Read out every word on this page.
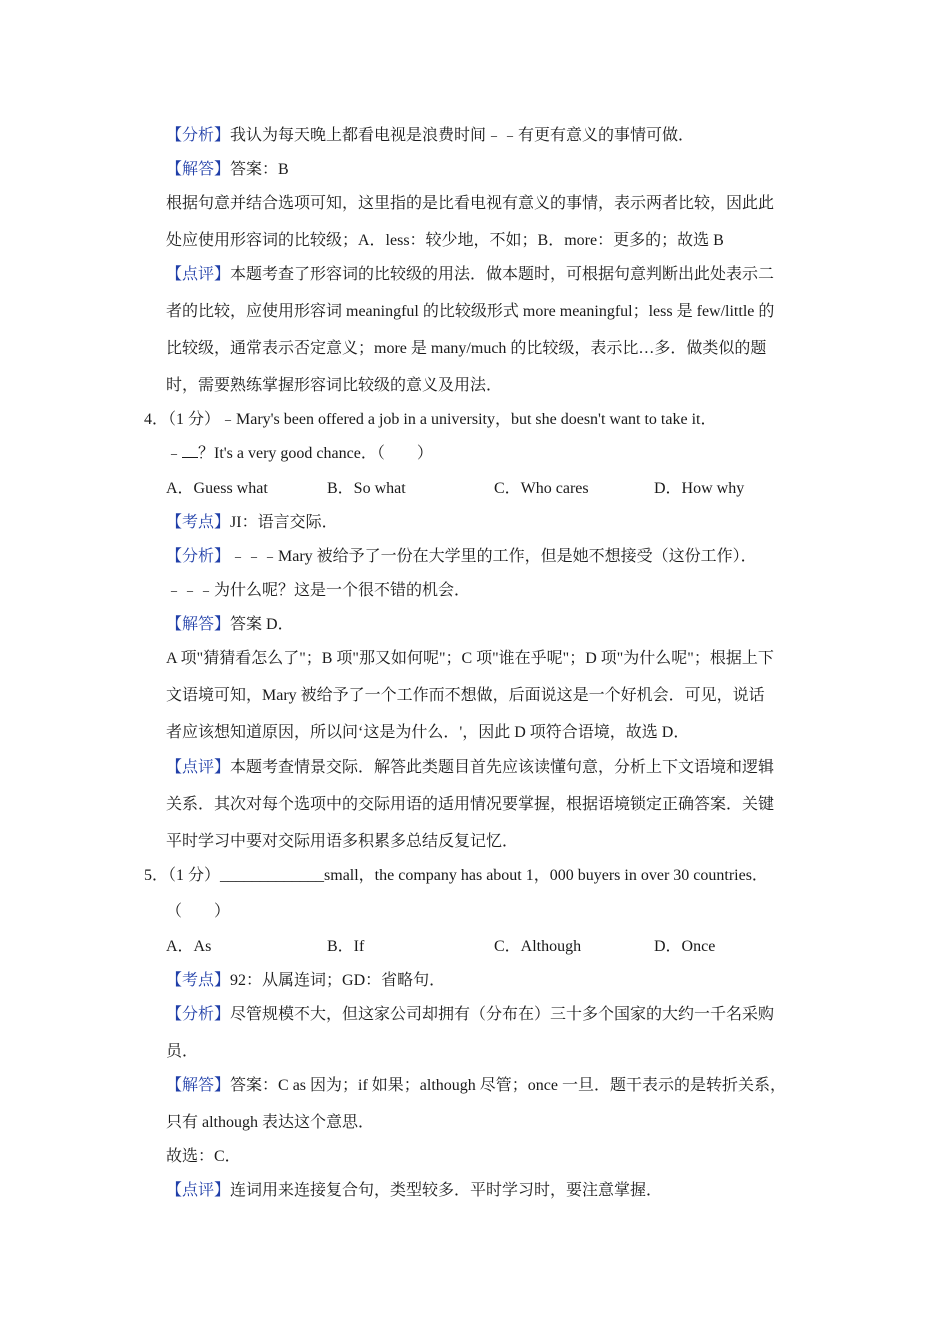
【分析】我认为每天晚上都看电视是浪费时间﹣﹣有更有意义的事情可做．
【解答】答案：B
根据句意并结合选项可知，这里指的是比看电视有意义的事情，表示两者比较，因此此
处应使用形容词的比较级；A．less：较少地，不如；B．more：更多的；故选 B
【点评】本题考查了形容词的比较级的用法．做本题时，可根据句意判断出此处表示二
者的比较，应使用形容词 meaningful 的比较级形式 more meaningful；less 是 few/little 的
比较级，通常表示否定意义；more 是 many/much 的比较级，表示比…多．做类似的题
时，需要熟练掌握形容词比较级的意义及用法．
4．（1 分）﹣Mary's been offered a job in a university，but she doesn't want to take it．
﹣ ？It's a very good chance．（　　）
A．Guess what	B．So what	C．Who cares	D．How why
【考点】JI：语言交际．
【分析】﹣﹣﹣Mary 被给予了一份在大学里的工作，但是她不想接受（这份工作）．
﹣﹣﹣为什么呢？这是一个很不错的机会．
【解答】答案 D．
A 项"猜猜看怎么了"；B 项"那又如何呢"；C 项"谁在乎呢"；D 项"为什么呢"；根据上下
文语境可知，Mary 被给予了一个工作而不想做，后面说这是一个好机会．可见，说话
者应该想知道原因，所以问‘这是为什么．'，因此 D 项符合语境，故选 D．
【点评】本题考查情景交际．解答此类题目首先应该读懂句意，分析上下文语境和逻辑
关系．其次对每个选项中的交际用语的适用情况要掌握，根据语境锁定正确答案．关键
平时学习中要对交际用语多积累多总结反复记忆．
5．（1 分）_____________small，the company has about 1，000 buyers in over 30 countries．
（　　）
A．As	B．If	C．Although	D．Once
【考点】92：从属连词；GD：省略句．
【分析】尽管规模不大，但这家公司却拥有（分布在）三十多个国家的大约一千名采购
员．
【解答】答案：C as 因为；if 如果；although 尽管；once 一旦．题干表示的是转折关系，
只有 although 表达这个意思．
故选：C．
【点评】连词用来连接复合句，类型较多．平时学习时，要注意掌握．
